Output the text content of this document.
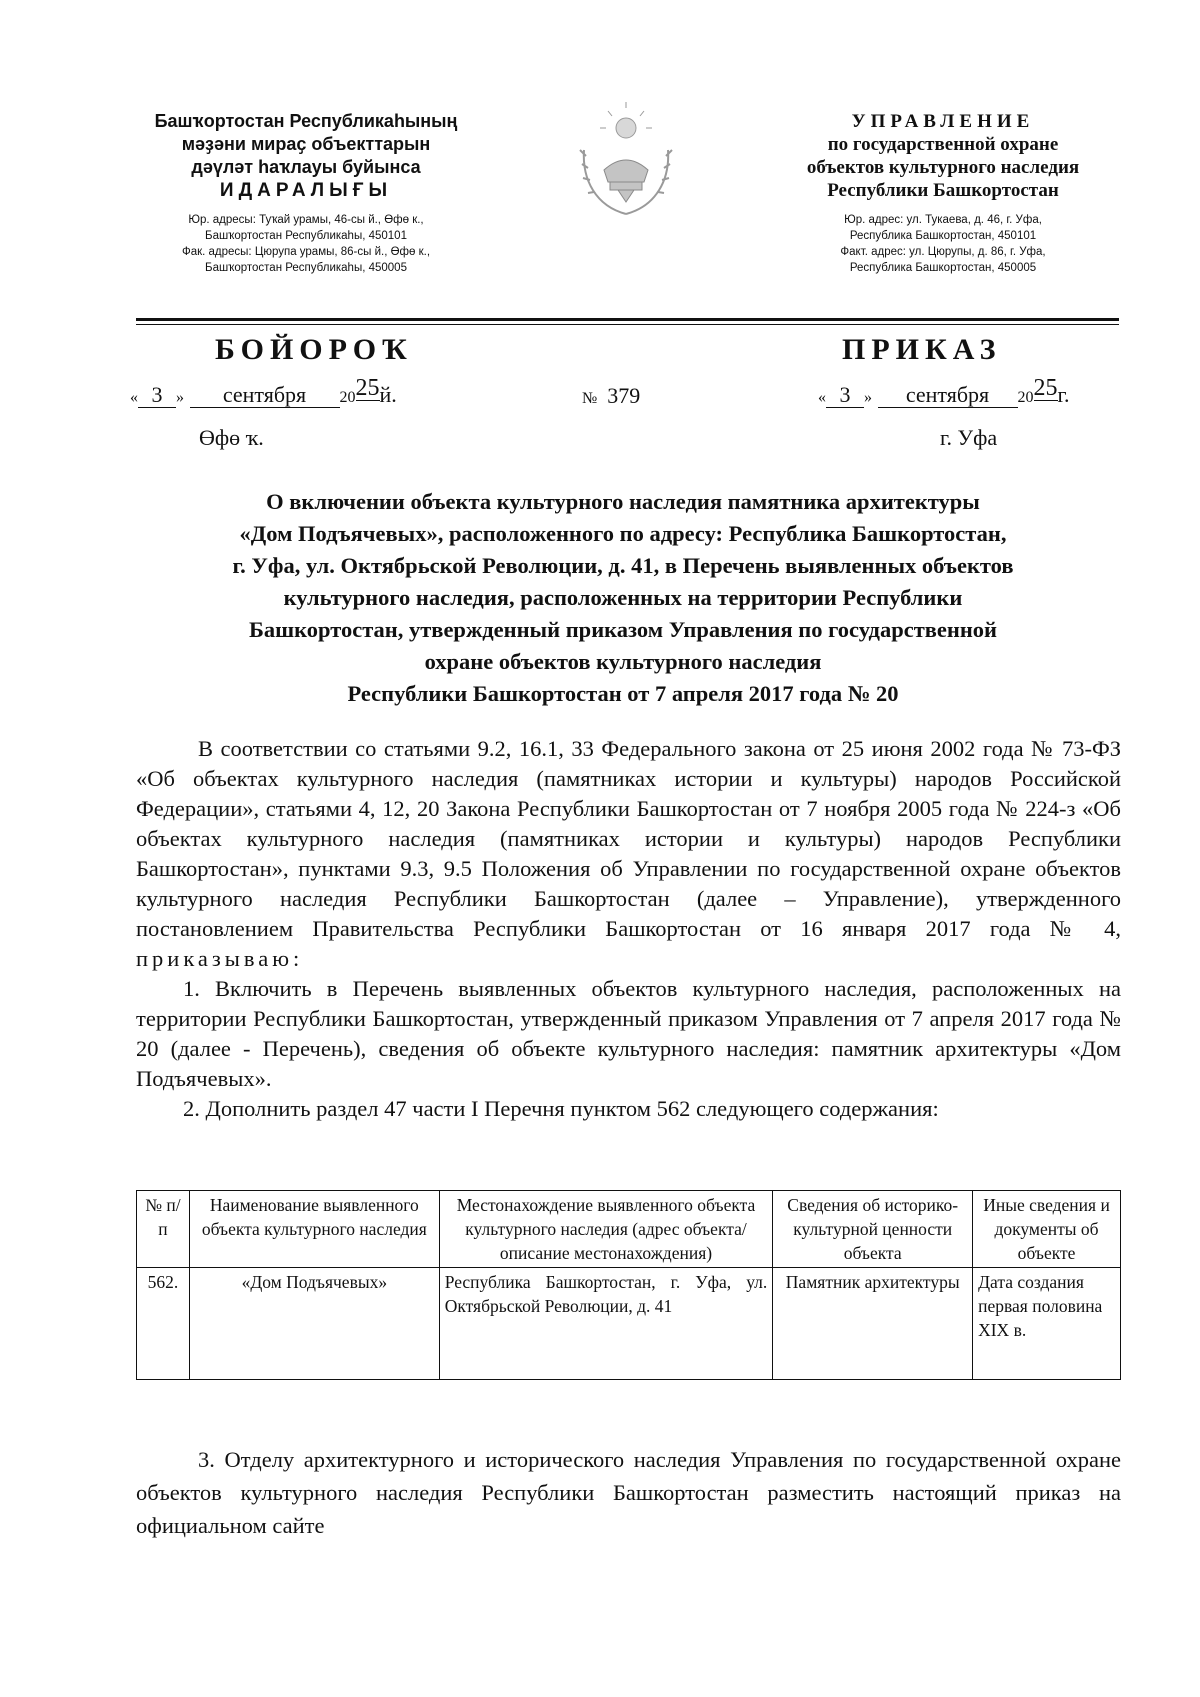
Башҡортостан Республикаһының
мәҙәни мираҫ объекттарын
дәүләт һаҡлауы буйынса
ИДАРАЛЫҒЫ
Юр. адресы: Туҡай урамы, 46-сы й., Өфө к.,
Башҡортостан Республикаһы, 450101
Фак. адресы: Цюрупа урамы, 86-сы й., Өфө к.,
Башҡортостан Республикаһы, 450005
УПРАВЛЕНИЕ
по государственной охране
объектов культурного наследия
Республики Башкортостан
Юр. адрес: ул. Тукаева, д. 46, г. Уфа,
Республика Башкортостан, 450101
Факт. адрес: ул. Цюрупы, д. 86, г. Уфа,
Республика Башкортостан, 450005
БОЙОРОҠ	ПРИКАЗ
« 3 » сентября 2025й.	№ 379	« 3 » сентября 2025г.
Өфө ҡ.	г. Уфа
О включении объекта культурного наследия памятника архитектуры
«Дом Подъячевых», расположенного по адресу: Республика Башкортостан,
г. Уфа, ул. Октябрьской Революции, д. 41, в Перечень выявленных объектов
культурного наследия, расположенных на территории Республики
Башкортостан, утвержденный приказом Управления по государственной
охране объектов культурного наследия
Республики Башкортостан от 7 апреля 2017 года № 20

В соответствии со статьями 9.2, 16.1, 33 Федерального закона от 25 июня 2002 года № 73-ФЗ «Об объектах культурного наследия (памятниках истории и культуры) народов Российской Федерации», статьями 4, 12, 20 Закона Республики Башкортостан от 7 ноября 2005 года № 224-з «Об объектах культурного наследия (памятниках истории и культуры) народов Республики Башкортостан», пунктами 9.3, 9.5 Положения об Управлении по государственной охране объектов культурного наследия Республики Башкортостан (далее – Управление), утвержденного постановлением Правительства Республики Башкортостан от 16 января 2017 года № 4, приказываю:

1. Включить в Перечень выявленных объектов культурного наследия, расположенных на территории Республики Башкортостан, утвержденный приказом Управления от 7 апреля 2017 года № 20 (далее - Перечень), сведения об объекте культурного наследия: памятник архитектуры «Дом Подъячевых».

2. Дополнить раздел 47 части I Перечня пунктом 562 следующего содержания:

№ п/п	Наименование выявленного объекта культурного наследия	Местонахождение выявленного объекта культурного наследия (адрес объекта/описание местонахождения)	Сведения об историко-культурной ценности объекта	Иные сведения и документы об объекте
562.	«Дом Подъячевых»	Республика Башкортостан, г. Уфа, ул. Октябрьской Революции, д. 41	Памятник архитектуры	Дата создания первая половина XIX в.

3. Отделу архитектурного и исторического наследия Управления по государственной охране объектов культурного наследия Республики Башкортостан разместить настоящий приказ на официальном сайте
